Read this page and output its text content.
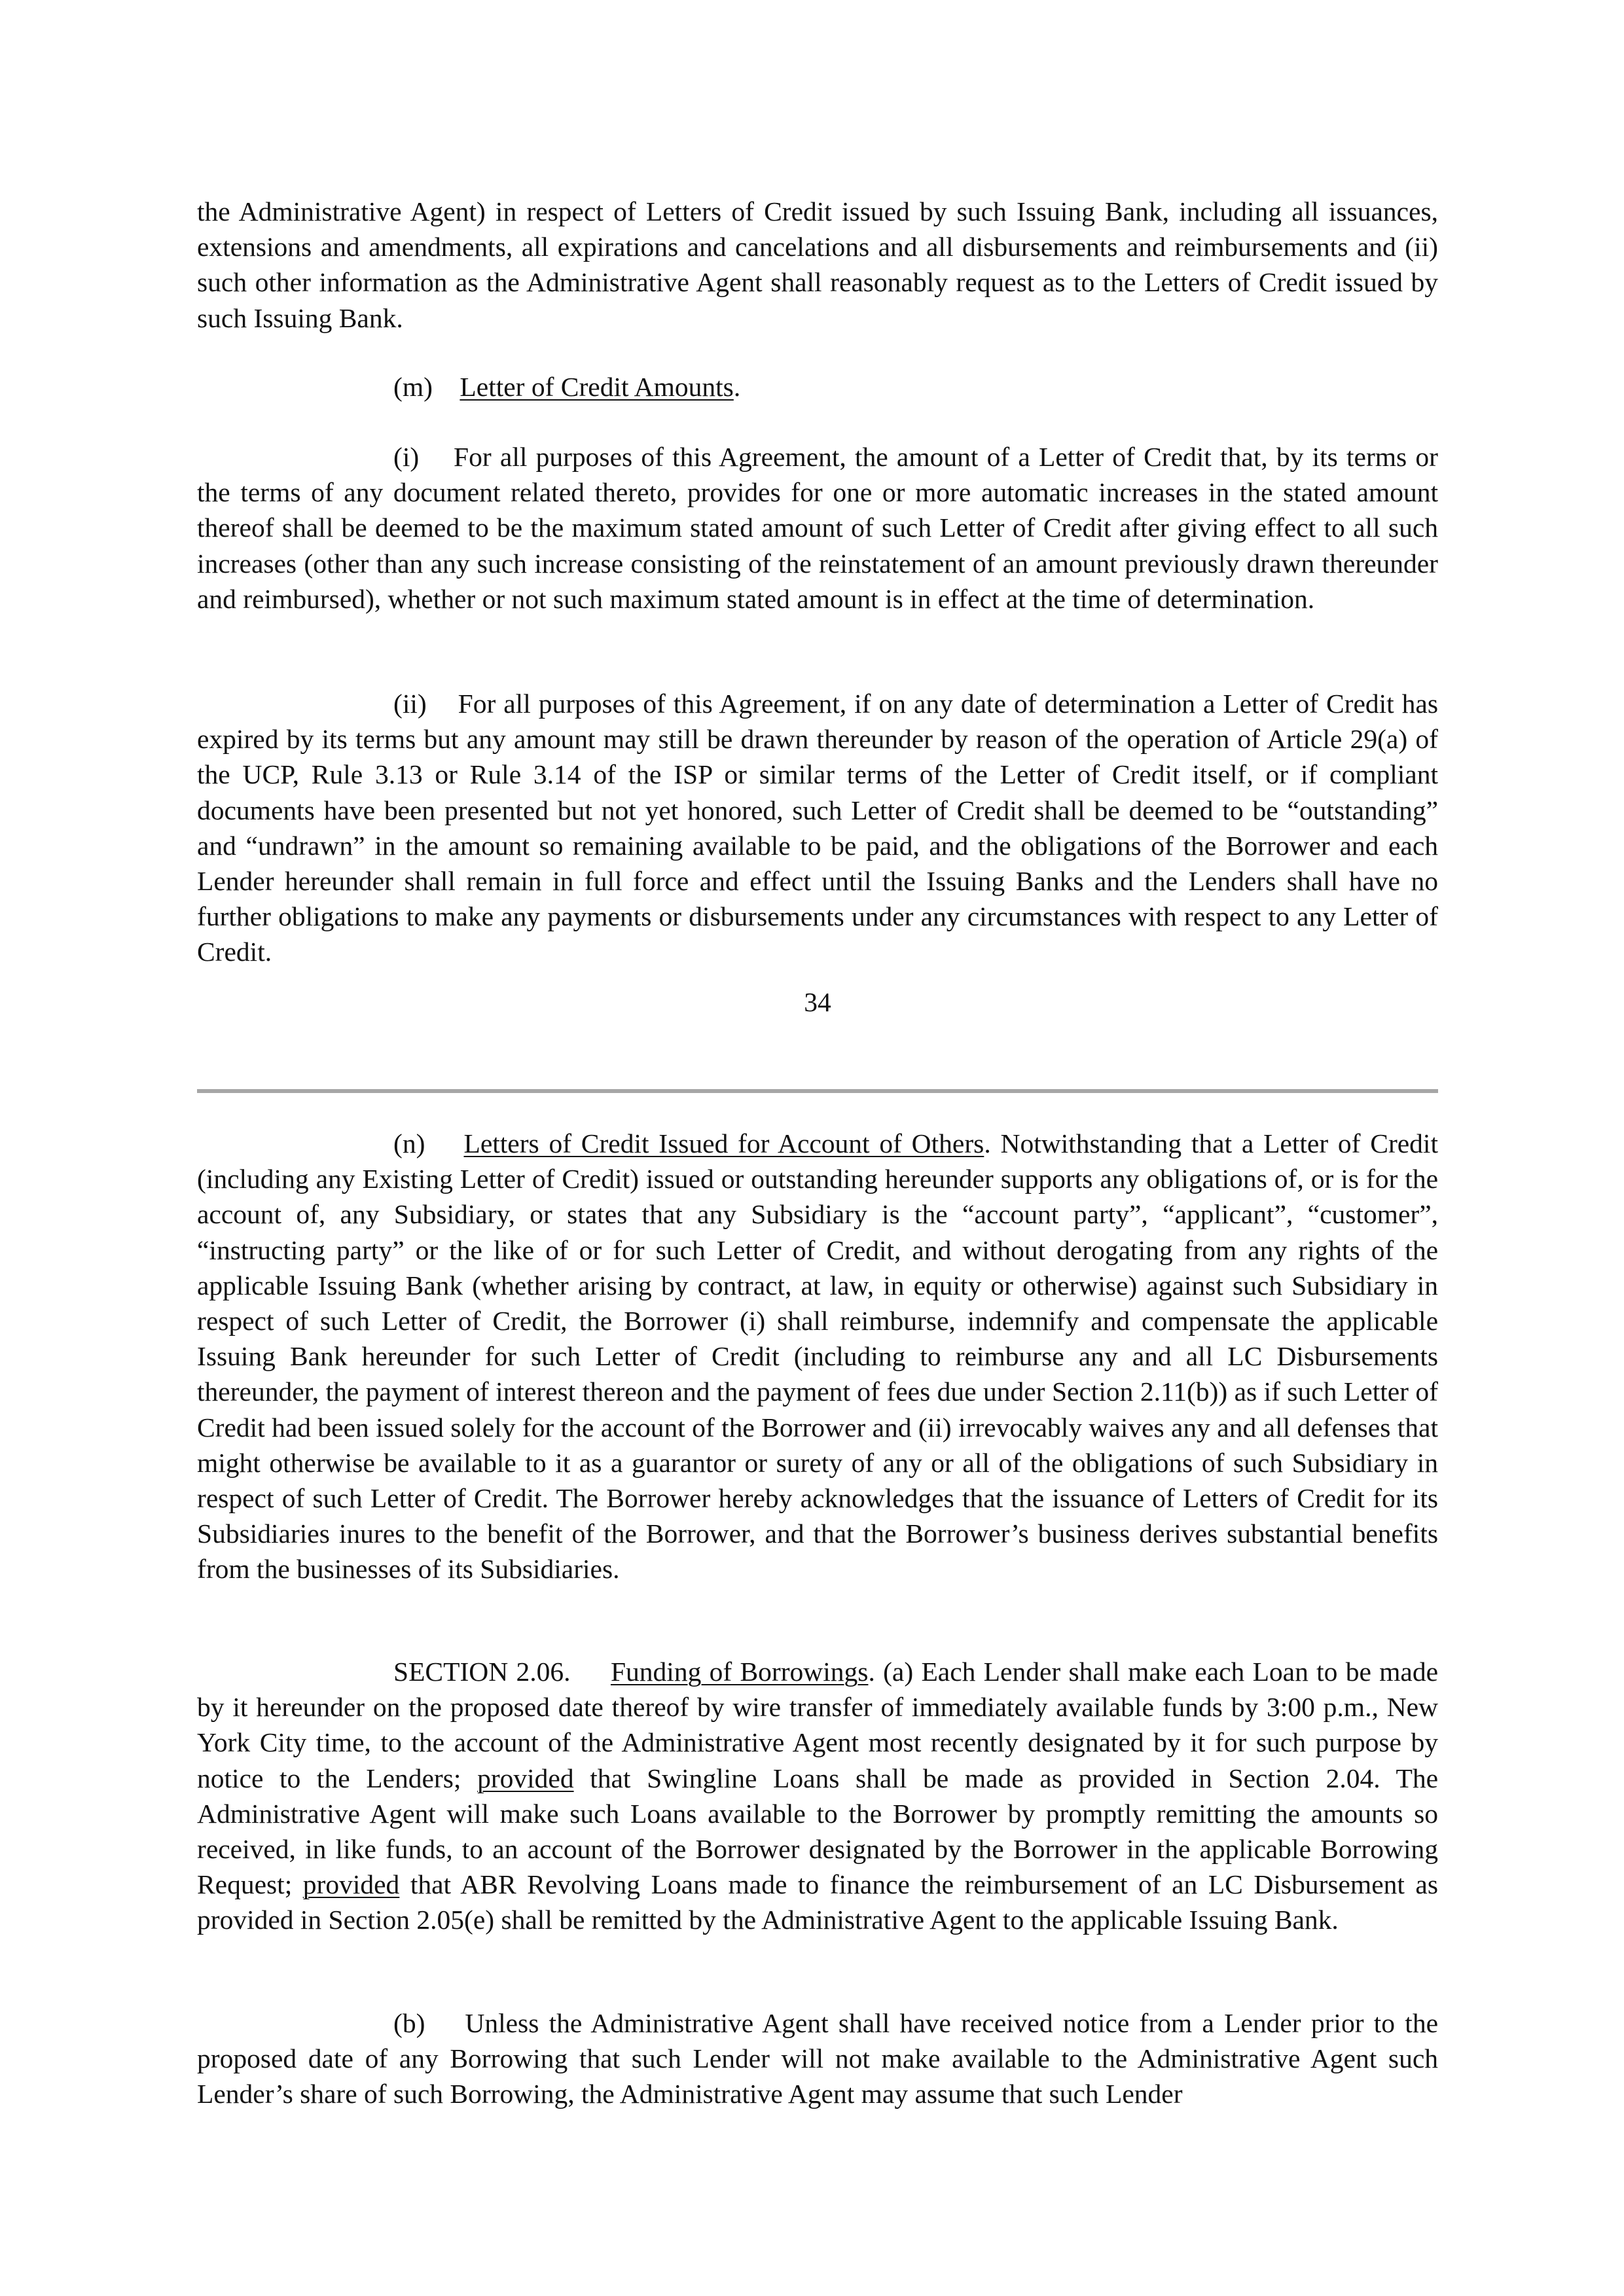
the Administrative Agent) in respect of Letters of Credit issued by such Issuing Bank, including all issuances, extensions and amendments, all expirations and cancelations and all disbursements and reimbursements and (ii) such other information as the Administrative Agent shall reasonably request as to the Letters of Credit issued by such Issuing Bank.

(m) Letter of Credit Amounts.

(i) For all purposes of this Agreement, the amount of a Letter of Credit that, by its terms or the terms of any document related thereto, provides for one or more automatic increases in the stated amount thereof shall be deemed to be the maximum stated amount of such Letter of Credit after giving effect to all such increases (other than any such increase consisting of the reinstatement of an amount previously drawn thereunder and reimbursed), whether or not such maximum stated amount is in effect at the time of determination.

(ii) For all purposes of this Agreement, if on any date of determination a Letter of Credit has expired by its terms but any amount may still be drawn thereunder by reason of the operation of Article 29(a) of the UCP, Rule 3.13 or Rule 3.14 of the ISP or similar terms of the Letter of Credit itself, or if compliant documents have been presented but not yet honored, such Letter of Credit shall be deemed to be “outstanding” and “undrawn” in the amount so remaining available to be paid, and the obligations of the Borrower and each Lender hereunder shall remain in full force and effect until the Issuing Banks and the Lenders shall have no further obligations to make any payments or disbursements under any circumstances with respect to any Letter of Credit.

34

(n) Letters of Credit Issued for Account of Others. Notwithstanding that a Letter of Credit (including any Existing Letter of Credit) issued or outstanding hereunder supports any obligations of, or is for the account of, any Subsidiary, or states that any Subsidiary is the “account party”, “applicant”, “customer”, “instructing party” or the like of or for such Letter of Credit, and without derogating from any rights of the applicable Issuing Bank (whether arising by contract, at law, in equity or otherwise) against such Subsidiary in respect of such Letter of Credit, the Borrower (i) shall reimburse, indemnify and compensate the applicable Issuing Bank hereunder for such Letter of Credit (including to reimburse any and all LC Disbursements thereunder, the payment of interest thereon and the payment of fees due under Section 2.11(b)) as if such Letter of Credit had been issued solely for the account of the Borrower and (ii) irrevocably waives any and all defenses that might otherwise be available to it as a guarantor or surety of any or all of the obligations of such Subsidiary in respect of such Letter of Credit. The Borrower hereby acknowledges that the issuance of Letters of Credit for its Subsidiaries inures to the benefit of the Borrower, and that the Borrower’s business derives substantial benefits from the businesses of its Subsidiaries.

SECTION 2.06. Funding of Borrowings. (a) Each Lender shall make each Loan to be made by it hereunder on the proposed date thereof by wire transfer of immediately available funds by 3:00 p.m., New York City time, to the account of the Administrative Agent most recently designated by it for such purpose by notice to the Lenders; provided that Swingline Loans shall be made as provided in Section 2.04. The Administrative Agent will make such Loans available to the Borrower by promptly remitting the amounts so received, in like funds, to an account of the Borrower designated by the Borrower in the applicable Borrowing Request; provided that ABR Revolving Loans made to finance the reimbursement of an LC Disbursement as provided in Section 2.05(e) shall be remitted by the Administrative Agent to the applicable Issuing Bank.

(b) Unless the Administrative Agent shall have received notice from a Lender prior to the proposed date of any Borrowing that such Lender will not make available to the Administrative Agent such Lender’s share of such Borrowing, the Administrative Agent may assume that such Lender
